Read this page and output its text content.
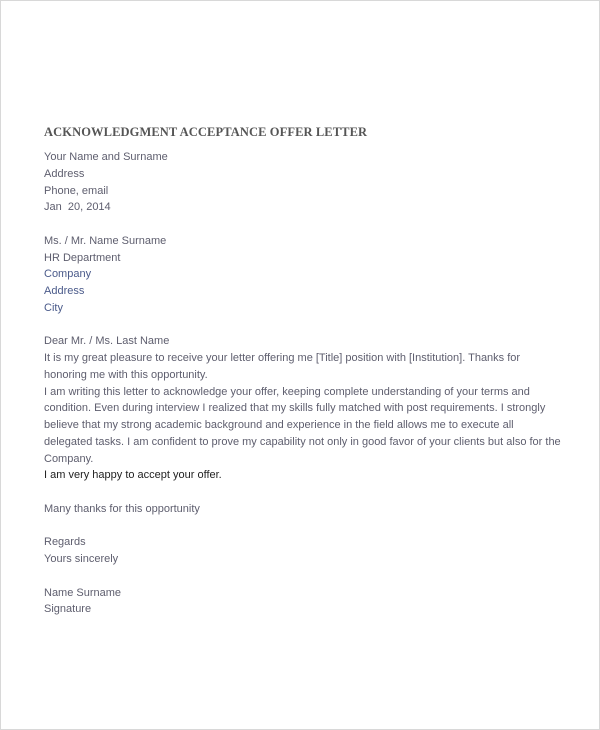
ACKNOWLEDGMENT ACCEPTANCE OFFER LETTER
Your Name and Surname
Address
Phone, email
Jan  20, 2014
Ms. / Mr. Name Surname
HR Department
Company
Address
City
Dear Mr. / Ms. Last Name
It is my great pleasure to receive your letter offering me [Title] position with [Institution]. Thanks for honoring me with this opportunity.
I am writing this letter to acknowledge your offer, keeping complete understanding of your terms and condition. Even during interview I realized that my skills fully matched with post requirements. I strongly believe that my strong academic background and experience in the field allows me to execute all delegated tasks. I am confident to prove my capability not only in good favor of your clients but also for the Company.
I am very happy to accept your offer.
Many thanks for this opportunity
Regards
Yours sincerely
Name Surname
Signature
